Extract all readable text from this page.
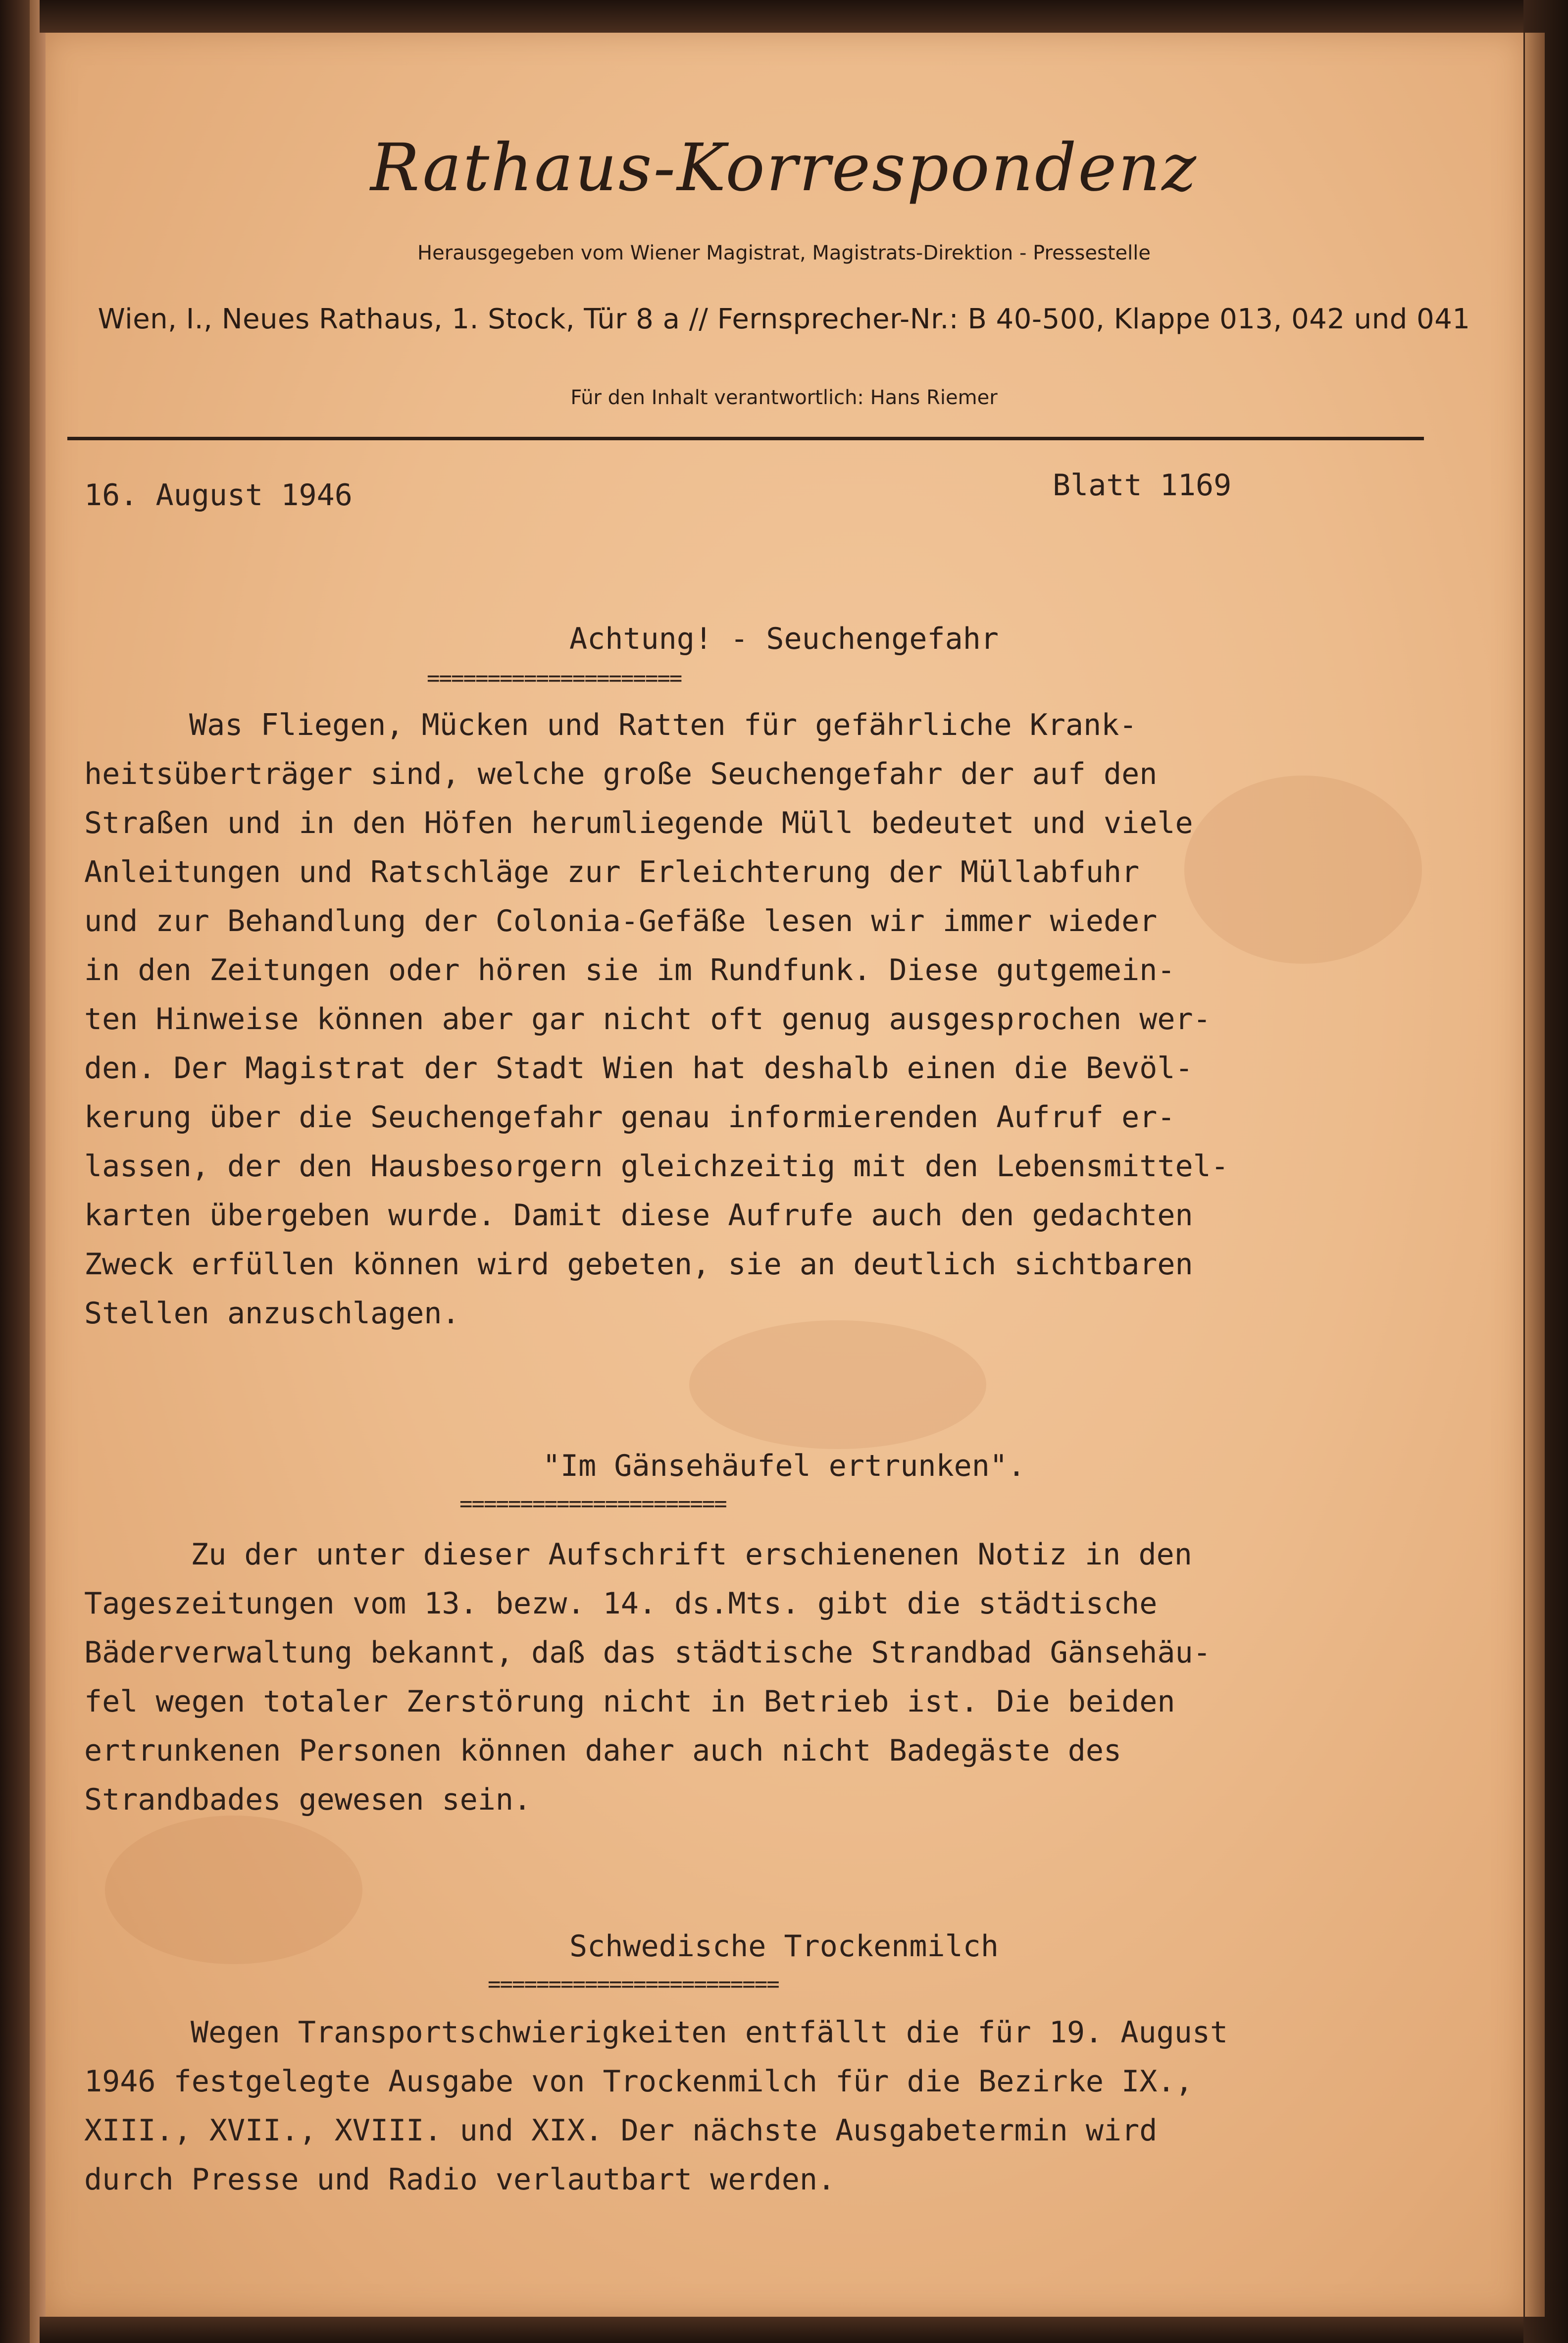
Rathaus-Korrespondenz

Herausgegeben vom Wiener Magistrat, Magistrats-Direktion - Pressestelle

Wien, I., Neues Rathaus, 1. Stock, Tür 8 a // Fernsprecher-Nr.: B 40-500, Klappe 013, 042 und 041

Für den Inhalt verantwortlich: Hans Riemer

16. August 1946	Blatt 1169

Achtung! - Seuchengefahr
=====================
Was Fliegen, Mücken und Ratten für gefährliche Krank-
heitsüberträger sind, welche große Seuchengefahr der auf den
Straßen und in den Höfen herumliegende Müll bedeutet und viele
Anleitungen und Ratschläge zur Erleichterung der Müllabfuhr
und zur Behandlung der Colonia-Gefäße lesen wir immer wieder
in den Zeitungen oder hören sie im Rundfunk. Diese gutgemein-
ten Hinweise können aber gar nicht oft genug ausgesprochen wer-
den. Der Magistrat der Stadt Wien hat deshalb einen die Bevöl-
kerung über die Seuchengefahr genau informierenden Aufruf er-
lassen, der den Hausbesorgern gleichzeitig mit den Lebensmittel-
karten übergeben wurde. Damit diese Aufrufe auch den gedachten
Zweck erfüllen können wird gebeten, sie an deutlich sichtbaren
Stellen anzuschlagen.
"Im Gänsehäufel ertrunken".
======================
Zu der unter dieser Aufschrift erschienenen Notiz in den
Tageszeitungen vom 13. bezw. 14. ds.Mts. gibt die städtische
Bäderverwaltung bekannt, daß das städtische Strandbad Gänsehäu-
fel wegen totaler Zerstörung nicht in Betrieb ist. Die beiden
ertrunkenen Personen können daher auch nicht Badegäste des
Strandbades gewesen sein.
Schwedische Trockenmilch
========================
Wegen Transportschwierigkeiten entfällt die für 19. August
1946 festgelegte Ausgabe von Trockenmilch für die Bezirke IX.,
XIII., XVII., XVIII. und XIX. Der nächste Ausgabetermin wird
durch Presse und Radio verlautbart werden.
